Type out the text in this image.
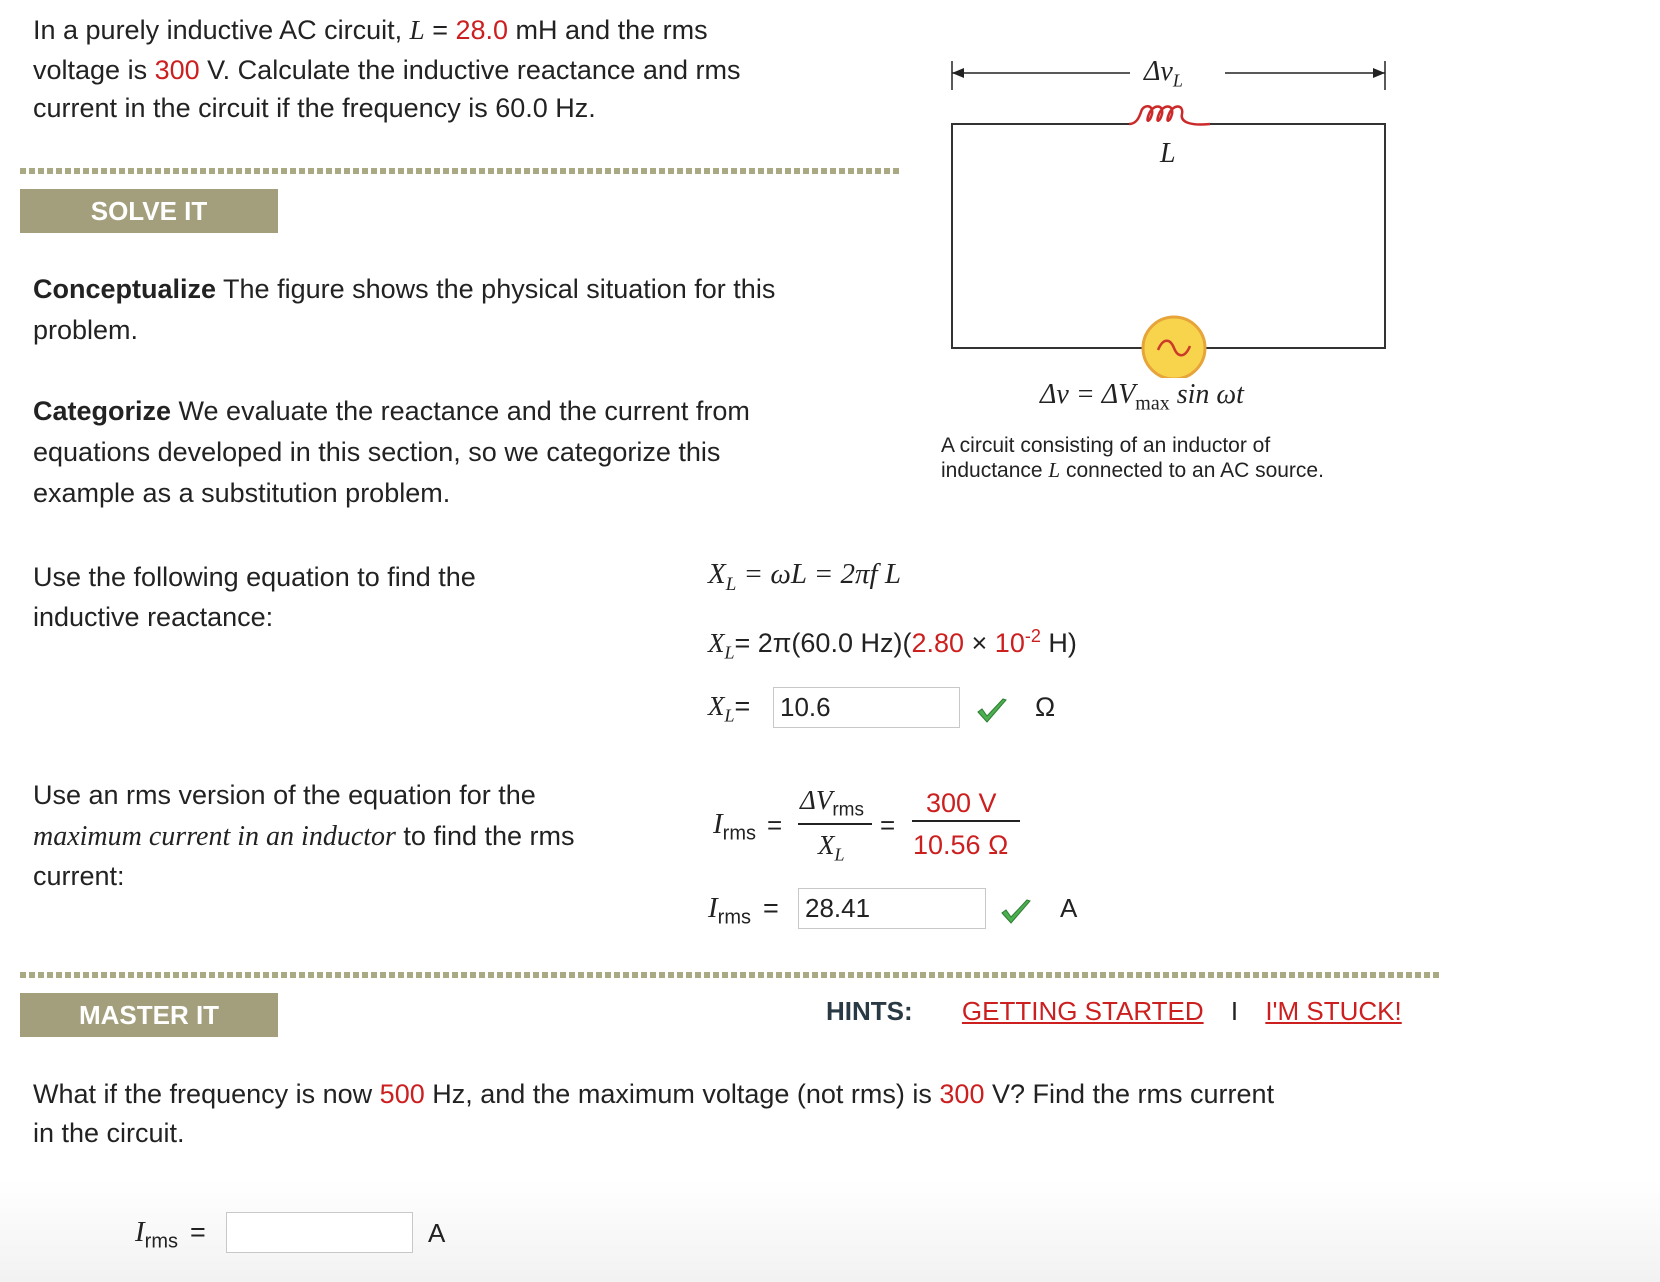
In a purely inductive AC circuit, L = 28.0 mH and the rms
voltage is 300 V. Calculate the inductive reactance and rms
current in the circuit if the frequency is 60.0 Hz.
SOLVE IT
Conceptualize The figure shows the physical situation for this
problem.
Categorize We evaluate the reactance and the current from
equations developed in this section, so we categorize this
example as a substitution problem.
$\Delta v_L$
L
$\Delta v = \Delta V_{max}$ sin ωt
A circuit consisting of an inductor of
inductance L connected to an AC source.
Use the following equation to find the
inductive reactance:
$X_L = \omega L = 2\pi f$ L
$X_L= 2\pi(60.0$ $Hz)(2.80 \times 10^{-2}$ H)
$X_L=$
10.6	Ω
Use an rms version of the equation for the
maximum current in an inductor to find the rms
current:
$I_{rms}$ =
$\Delta V_{rms}$
$X_L$
=
300 V
10.56 Ω
$I_{rms}$ =
28.41	A
MASTER IT	HINTS: GETTING STARTED I I'M STUCK!
What if the frequency is now 500 Hz, and the maximum voltage (not rms) is 300 V? Find the rms current
in the circuit.
$I_{rms}$ =	A
